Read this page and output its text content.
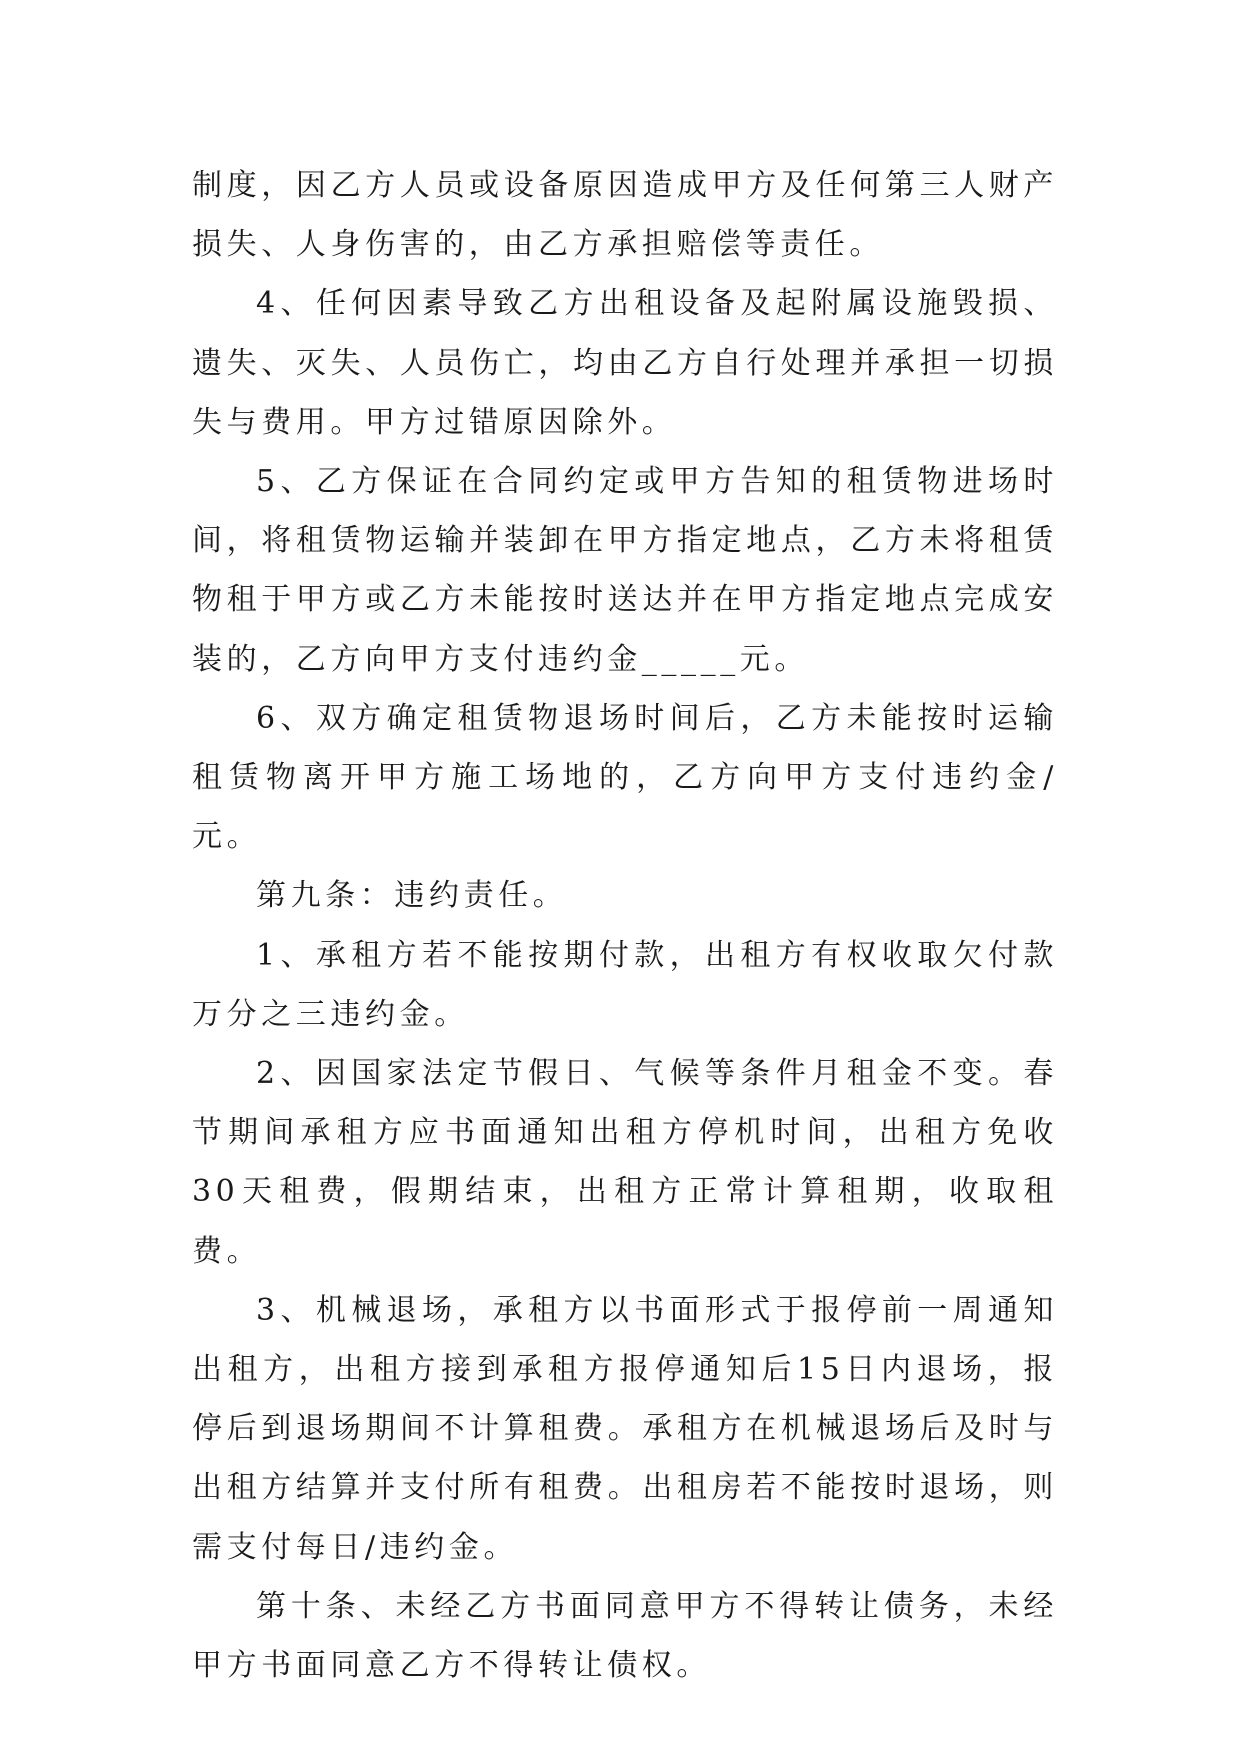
制度，因乙方人员或设备原因造成甲方及任何第三人财产损失、人身伤害的，由乙方承担赔偿等责任。

4、任何因素导致乙方出租设备及起附属设施毁损、遗失、灭失、人员伤亡，均由乙方自行处理并承担一切损失与费用。甲方过错原因除外。

5、乙方保证在合同约定或甲方告知的租赁物进场时间，将租赁物运输并装卸在甲方指定地点，乙方未将租赁物租于甲方或乙方未能按时送达并在甲方指定地点完成安装的，乙方向甲方支付违约金_____元。

6、双方确定租赁物退场时间后，乙方未能按时运输租赁物离开甲方施工场地的，乙方向甲方支付违约金/元。

第九条：违约责任。

1、承租方若不能按期付款，出租方有权收取欠付款万分之三违约金。

2、因国家法定节假日、气候等条件月租金不变。春节期间承租方应书面通知出租方停机时间，出租方免收30天租费，假期结束，出租方正常计算租期，收取租费。

3、机械退场，承租方以书面形式于报停前一周通知出租方，出租方接到承租方报停通知后15日内退场，报停后到退场期间不计算租费。承租方在机械退场后及时与出租方结算并支付所有租费。出租房若不能按时退场，则需支付每日/违约金。

第十条、未经乙方书面同意甲方不得转让债务，未经甲方书面同意乙方不得转让债权。
